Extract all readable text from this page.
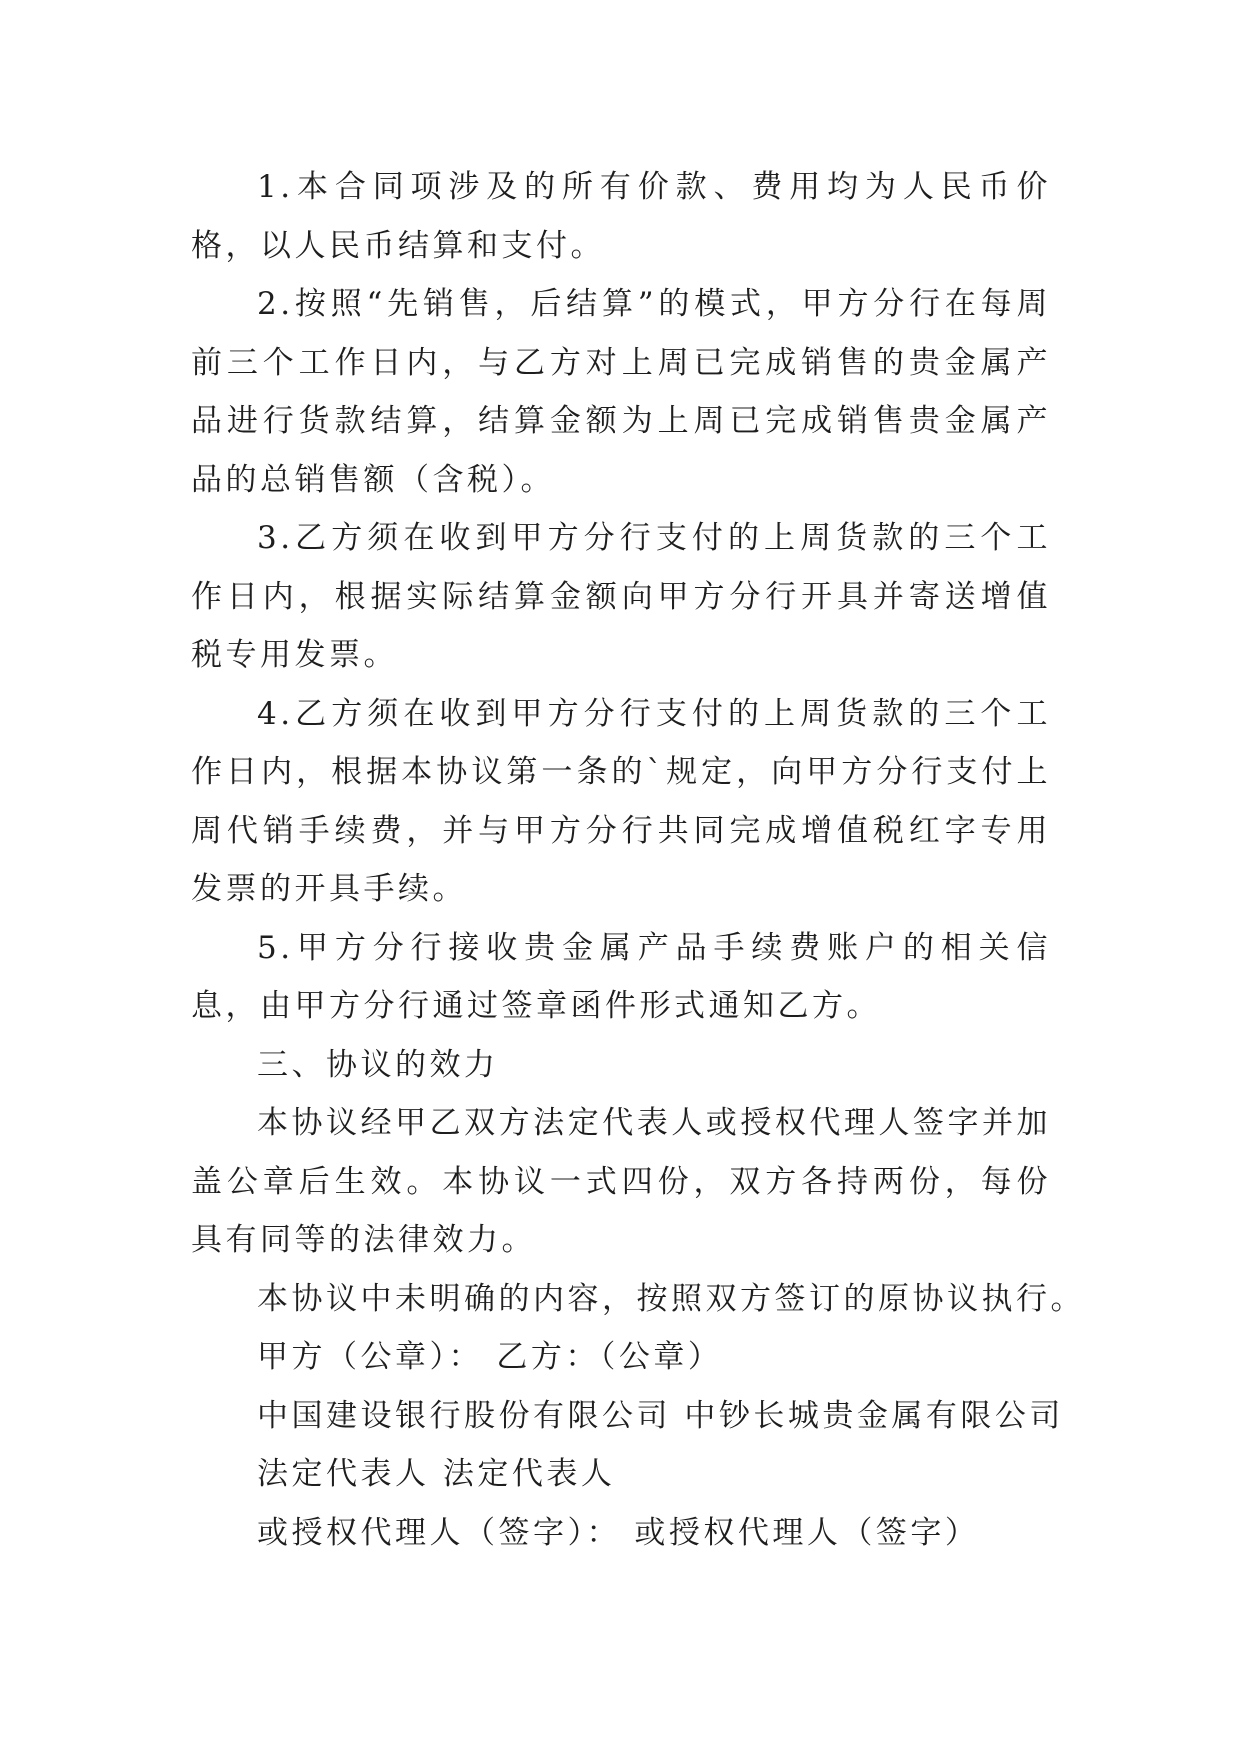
1.本合同项涉及的所有价款、费用均为人民币价格，以人民币结算和支付。

2.按照“先销售，后结算”的模式，甲方分行在每周前三个工作日内，与乙方对上周已完成销售的贵金属产品进行货款结算，结算金额为上周已完成销售贵金属产品的总销售额（含税）。

3.乙方须在收到甲方分行支付的上周货款的三个工作日内，根据实际结算金额向甲方分行开具并寄送增值税专用发票。

4.乙方须在收到甲方分行支付的上周货款的三个工作日内，根据本协议第一条的`规定，向甲方分行支付上周代销手续费，并与甲方分行共同完成增值税红字专用发票的开具手续。

5.甲方分行接收贵金属产品手续费账户的相关信息，由甲方分行通过签章函件形式通知乙方。

三、协议的效力

本协议经甲乙双方法定代表人或授权代理人签字并加盖公章后生效。本协议一式四份，双方各持两份，每份具有同等的法律效力。

本协议中未明确的内容，按照双方签订的原协议执行。

甲方（公章）： 乙方：（公章）

中国建设银行股份有限公司 中钞长城贵金属有限公司

法定代表人 法定代表人

或授权代理人（签字）： 或授权代理人（签字）
